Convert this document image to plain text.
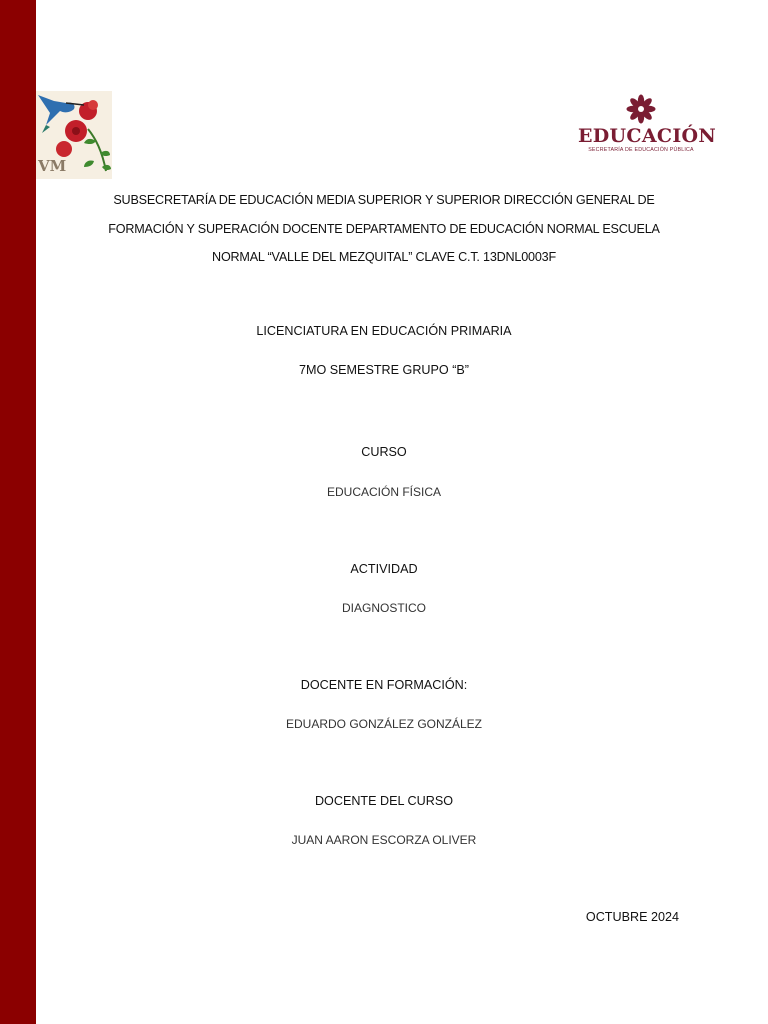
VM
EDUCACIÓN
SECRETARÍA DE EDUCACIÓN PÚBLICA
SUBSECRETARÍA DE EDUCACIÓN MEDIA SUPERIOR Y SUPERIOR DIRECCIÓN GENERAL DE
FORMACIÓN Y SUPERACIÓN DOCENTE DEPARTAMENTO DE EDUCACIÓN NORMAL ESCUELA
NORMAL “VALLE DEL MEZQUITAL” CLAVE C.T. 13DNL0003F
LICENCIATURA EN EDUCACIÓN PRIMARIA
7MO SEMESTRE GRUPO “B”
CURSO
EDUCACIÓN FÍSICA
ACTIVIDAD
DIAGNOSTICO
DOCENTE EN FORMACIÓN:
EDUARDO GONZÁLEZ GONZÁLEZ
DOCENTE DEL CURSO
JUAN AARON ESCORZA OLIVER
OCTUBRE 2024
